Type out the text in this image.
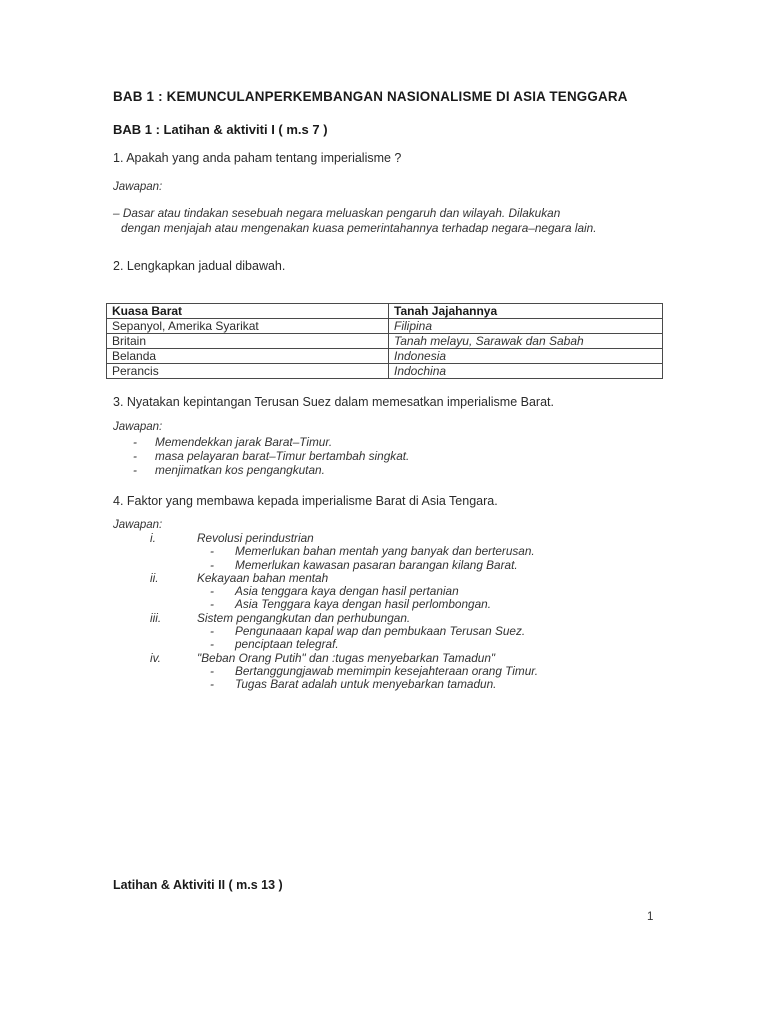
BAB 1 : KEMUNCULANPERKEMBANGAN NASIONALISME DI ASIA TENGGARA
BAB 1 : Latihan & aktiviti I ( m.s 7 )
1. Apakah yang anda paham tentang imperialisme ?
Jawapan:
– Dasar atau tindakan sesebuah negara meluaskan pengaruh dan wilayah. Dilakukan
dengan menjajah atau mengenakan kuasa pemerintahannya terhadap negara–negara lain.
2. Lengkapkan jadual dibawah.
Kuasa Barat	Tanah Jajahannya
Sepanyol, Amerika Syarikat	Filipina
Britain	Tanah melayu, Sarawak dan Sabah
Belanda	Indonesia
Perancis	Indochina
3. Nyatakan kepintangan Terusan Suez dalam memesatkan imperialisme Barat.
Jawapan:
-	Memendekkan jarak Barat–Timur.
-	masa pelayaran barat–Timur bertambah singkat.
-	menjimatkan kos pengangkutan.
4. Faktor yang membawa kepada imperialisme Barat di Asia Tengara.
Jawapan:
i.	Revolusi perindustrian
-	Memerlukan bahan mentah yang banyak dan berterusan.
-	Memerlukan kawasan pasaran barangan kilang Barat.
ii.	Kekayaan bahan mentah
-	Asia tenggara kaya dengan hasil pertanian
-	Asia Tenggara kaya dengan hasil perlombongan.
iii.	Sistem pengangkutan dan perhubungan.
-	Pengunaaan kapal wap dan pembukaan Terusan Suez.
-	penciptaan telegraf.
iv.	"Beban Orang Putih" dan :tugas menyebarkan Tamadun"
-	Bertanggungjawab memimpin kesejahteraan orang Timur.
-	Tugas Barat adalah untuk menyebarkan tamadun.
Latihan & Aktiviti II ( m.s 13 )
1
